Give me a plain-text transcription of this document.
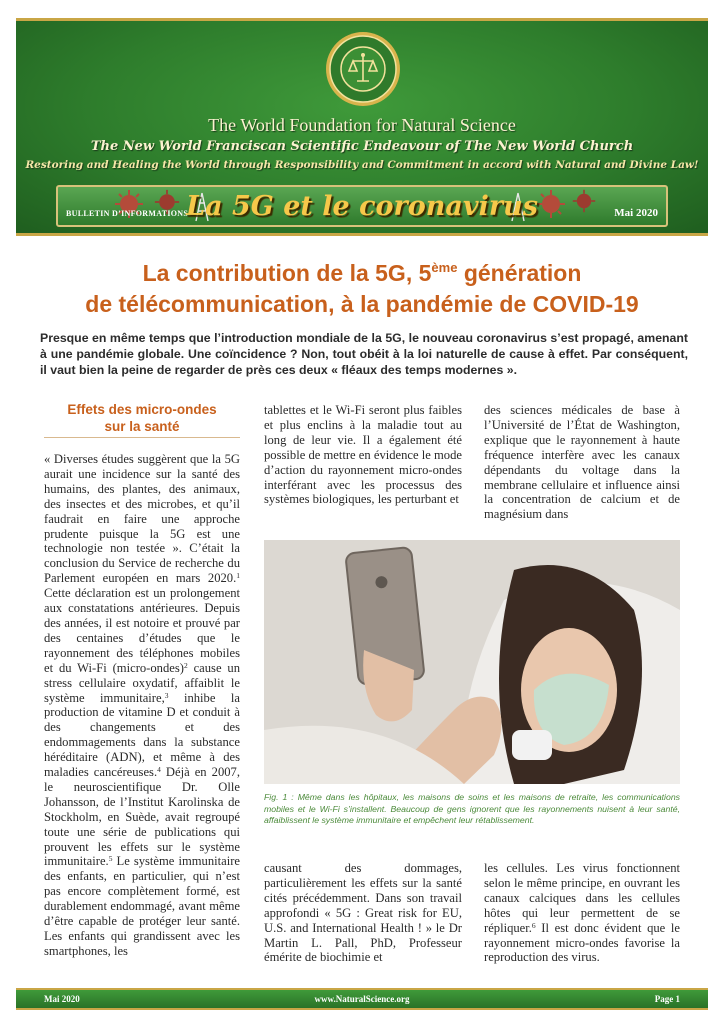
The World Foundation for Natural Science
The New World Franciscan Scientific Endeavour of The New World Church
Restoring and Healing the World through Responsibility and Commitment in accord with Natural and Divine Law!
BULLETIN D’INFORMATIONS
La 5G et le coronavirus	Mai 2020
La contribution de la 5G, 5ème génération
de télécommunication, à la pandémie de COVID-19
Presque en même temps que l’introduction mondiale de la 5G, le nouveau coronavirus s’est propagé, amenant à une pandémie globale. Une coïncidence ? Non, tout obéit à la loi naturelle de cause à effet. Par conséquent, il vaut bien la peine de regarder de près ces deux « fléaux des temps modernes ».
Effets des micro-ondes
sur la santé
« Diverses études suggèrent que la 5G aurait une incidence sur la santé des humains, des plantes, des animaux, des insectes et des microbes, et qu’il faudrait en faire une approche prudente puisque la 5G est une technologie non testée ». C’était la conclusion du Service de recherche du Parlement européen en mars 2020.$^1$ Cette déclaration est un prolongement aux constatations antérieures. Depuis des années, il est notoire et prouvé par des centaines d’études que le rayonnement des téléphones mobiles et du Wi-Fi (micro-ondes)$^2$ cause un stress cellulaire oxydatif, affaiblit le système immunitaire,$^3$ inhibe la production de vitamine D et conduit à des changements et des endommagements dans la substance héréditaire (ADN), et même à des maladies cancéreuses.$^4$ Déjà en 2007, le neuroscientifique Dr. Olle Johansson, de l’Institut Karolinska de Stockholm, en Suède, avait regroupé toute une série de publications qui prouvent les effets sur le système immunitaire.$^5$ Le système immunitaire des enfants, en particulier, qui n’est pas encore complètement formé, est durablement endommagé, avant même d’être capable de protéger leur santé. Les enfants qui grandissent avec les smartphones, les
tablettes et le Wi-Fi seront plus faibles et plus enclins à la maladie tout au long de leur vie. Il a également été possible de mettre en évidence le mode d’action du rayonnement micro-ondes interférant avec les processus des systèmes biologiques, les perturbant et
des sciences médicales de base à l’Université de l’État de Washington, explique que le rayonnement à haute fréquence interfère avec les canaux dépendants du voltage dans la membrane cellulaire et influence ainsi la concentration de calcium et de magnésium dans
Fig. 1 : Même dans les hôpitaux, les maisons de soins et les maisons de retraite, les communications mobiles et le Wi-Fi s’installent. Beaucoup de gens ignorent que les rayonnements nuisent à leur santé, affaiblissent le système immunitaire et empêchent leur rétablissement.
causant des dommages, particulièrement les effets sur la santé cités précédemment. Dans son travail approfondi « 5G : Great risk for EU, U.S. and International Health ! » le Dr Martin L. Pall, PhD, Professeur émérite de biochimie et
les cellules. Les virus fonctionnent selon le même principe, en ouvrant les canaux calciques dans les cellules hôtes qui leur permettent de se répliquer.$^6$ Il est donc évident que le rayonnement micro-ondes favorise la reproduction des virus.
Mai 2020	www.NaturalScience.org	Page 1
